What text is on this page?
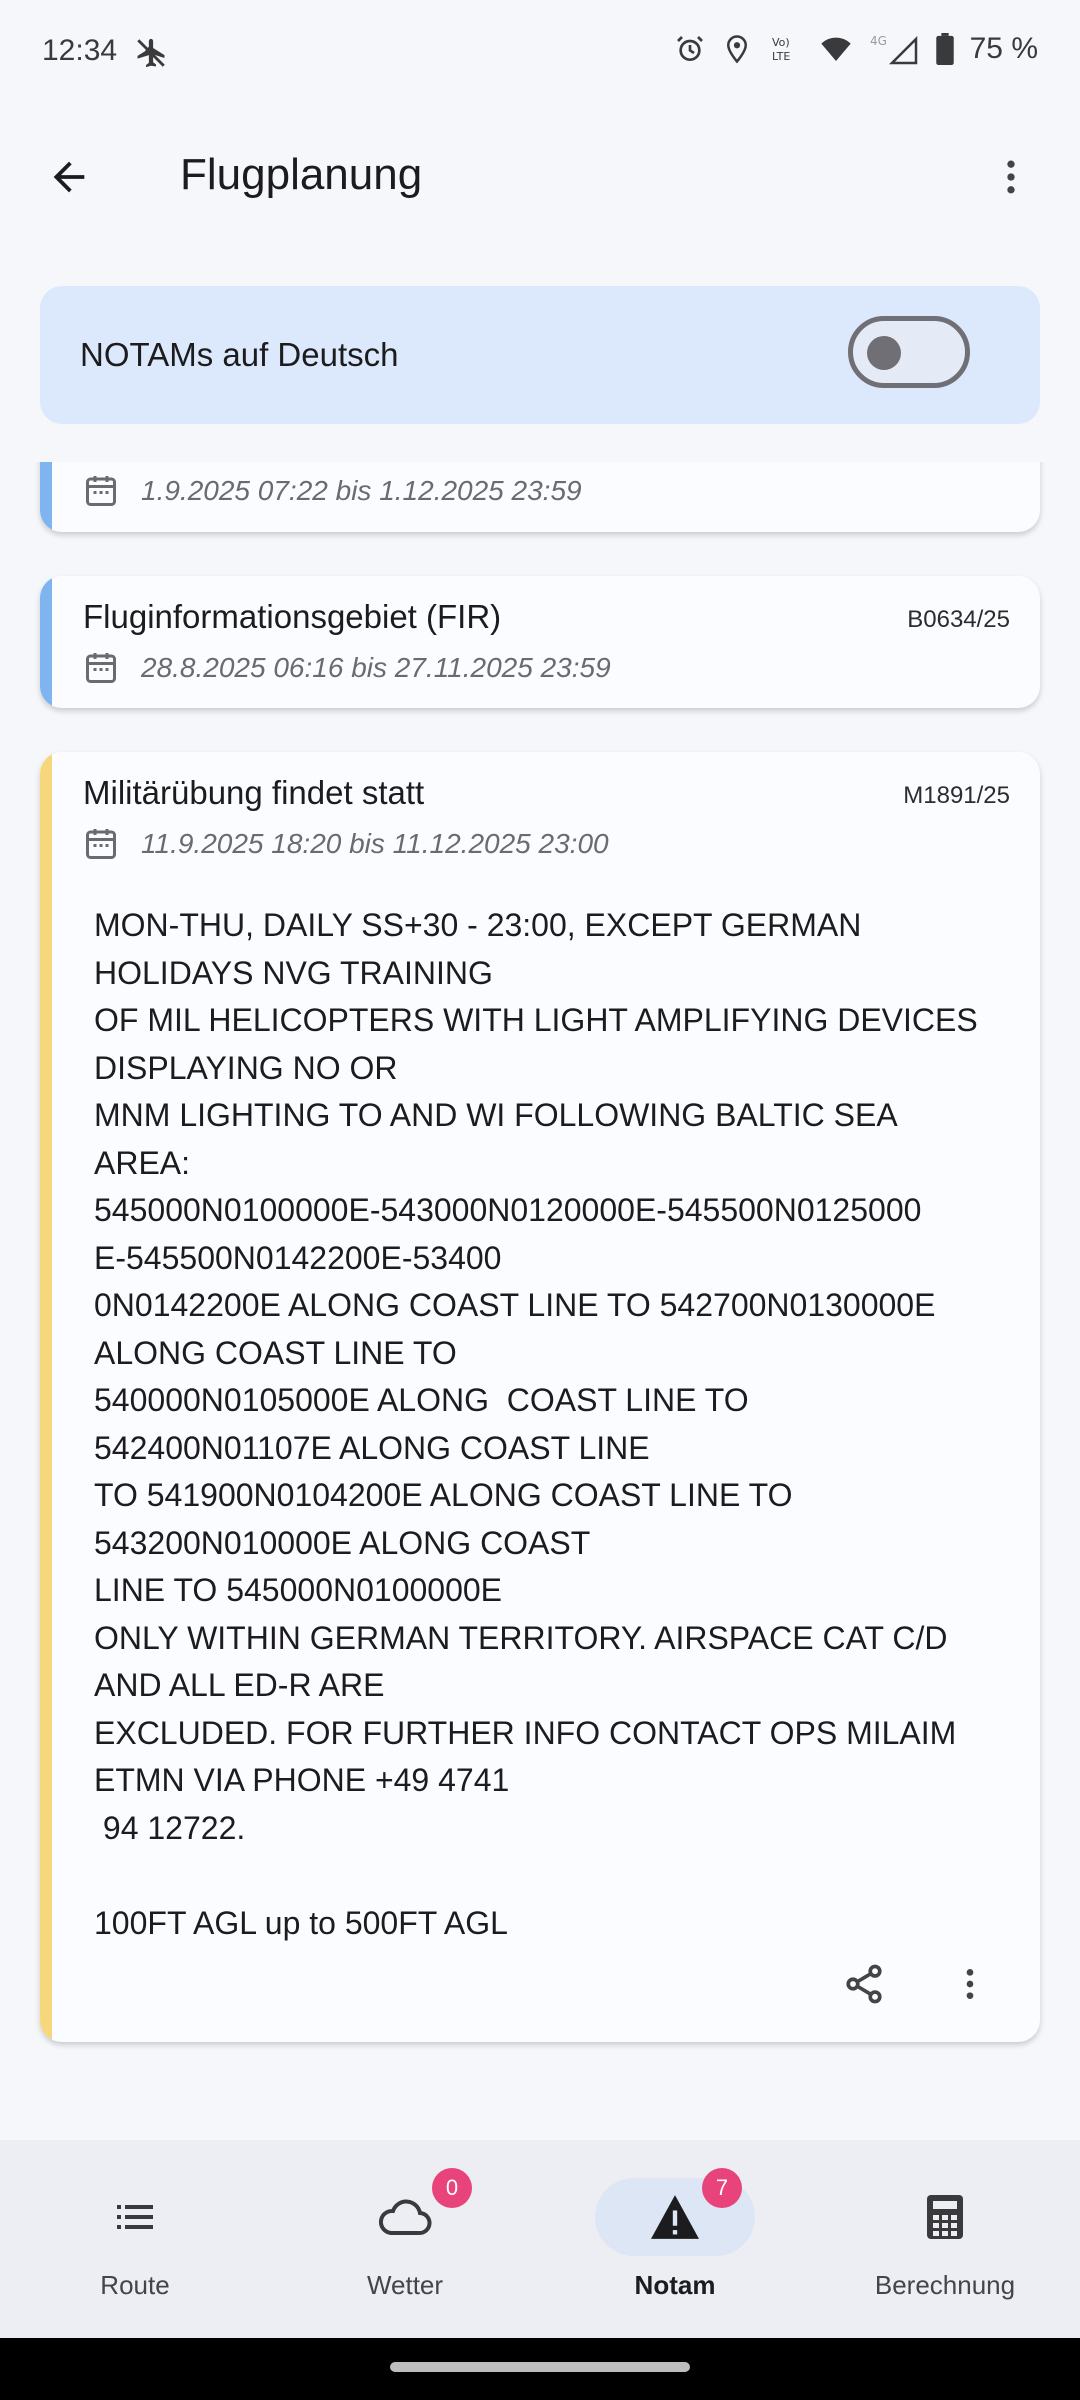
12:34	Vo)
LTE
4G	75 %
Flugplanung
NOTAMs auf Deutsch
1.9.2025 07:22 bis 1.12.2025 23:59
Fluginformationsgebiet (FIR)	B0634/25
28.8.2025 06:16 bis 27.11.2025 23:59
Militärübung findet statt	M1891/25
11.9.2025 18:20 bis 11.12.2025 23:00
MON-THU, DAILY SS+30 - 23:00, EXCEPT GERMAN
HOLIDAYS NVG TRAINING
OF MIL HELICOPTERS WITH LIGHT AMPLIFYING DEVICES
DISPLAYING NO OR
MNM LIGHTING TO AND WI FOLLOWING BALTIC SEA
AREA:
545000N0100000E-543000N0120000E-545500N0125000
E-545500N0142200E-53400
0N0142200E ALONG COAST LINE TO 542700N0130000E
ALONG COAST LINE TO
540000N0105000E ALONG  COAST LINE TO
542400N01107E ALONG COAST LINE
TO 541900N0104200E ALONG COAST LINE TO
543200N010000E ALONG COAST
LINE TO 545000N0100000E
ONLY WITHIN GERMAN TERRITORY. AIRSPACE CAT C/D
AND ALL ED-R ARE
EXCLUDED. FOR FURTHER INFO CONTACT OPS MILAIM
ETMN VIA PHONE +49 4741
94 12722.

100FT AGL up to 500FT AGL
Route
0
Wetter
7
Notam	Berechnung
